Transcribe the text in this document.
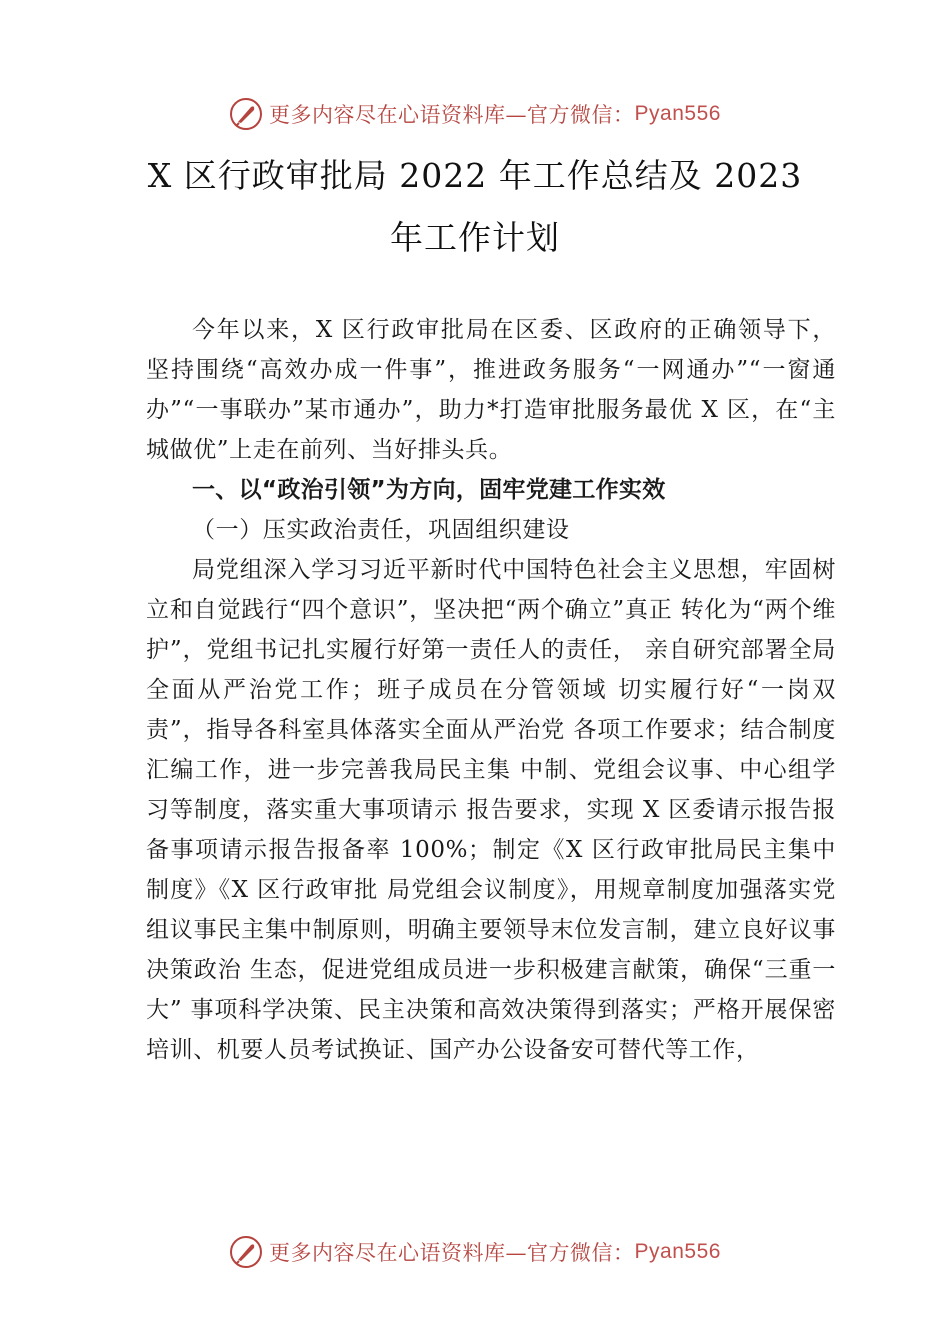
更多内容尽在心语资料库—官方微信： Pyan556
X 区行政审批局 2022 年工作总结及 2023
年工作计划

今年以来，X 区行政审批局在区委、区政府的正确领导下， 坚持围绕“高效办成一件事”，推进政务服务“一网通办”“一窗通办”“一事联办”某市通办”，助力*打造审批服务最优 X 区，在“主城做优”上走在前列、当好排头兵。

一、以“政治引领”为方向，固牢党建工作实效

（一）压实政治责任，巩固组织建设

局党组深入学习习近平新时代中国特色社会主义思想，牢固树立和自觉践行“四个意识”，坚决把“两个确立”真正 转化为“两个维护”，党组书记扎实履行好第一责任人的责任， 亲自研究部署全局全面从严治党工作；班子成员在分管领域 切实履行好“一岗双责”，指导各科室具体落实全面从严治党 各项工作要求；结合制度汇编工作，进一步完善我局民主集 中制、党组会议事、中心组学习等制度，落实重大事项请示 报告要求，实现 X 区委请示报告报备事项请示报告报备率 100%；制定《X 区行政审批局民主集中制度》《X 区行政审批 局党组会议制度》，用规章制度加强落实党组议事民主集中制原则，明确主要领导末位发言制，建立良好议事决策政治 生态，促进党组成员进一步积极建言献策，确保“三重一大” 事项科学决策、民主决策和高效决策得到落实；严格开展保密培训、机要人员考试换证、国产办公设备安可替代等工作，

更多内容尽在心语资料库—官方微信： Pyan556
